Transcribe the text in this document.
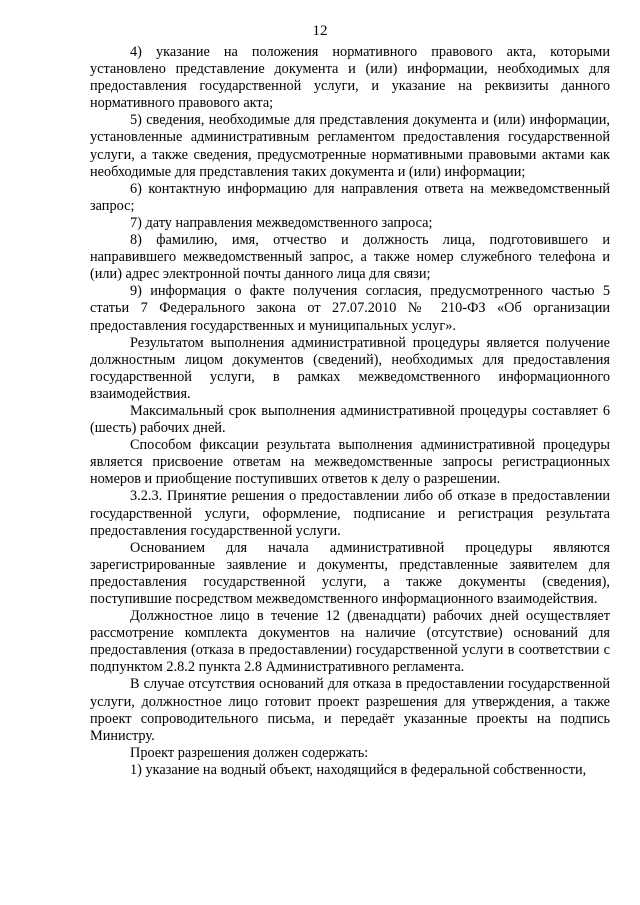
12

4) указание на положения нормативного правового акта, которыми установлено представление документа и (или) информации, необходимых для предоставления государственной услуги, и указание на реквизиты данного нормативного правового акта;

5) сведения, необходимые для представления документа и (или) информации, установленные административным регламентом предоставления государственной услуги, а также сведения, предусмотренные нормативными правовыми актами как необходимые для представления таких документа и (или) информации;

6) контактную информацию для направления ответа на межведомственный запрос;

7) дату направления межведомственного запроса;

8) фамилию, имя, отчество и должность лица, подготовившего и направившего межведомственный запрос, а также номер служебного телефона и (или) адрес электронной почты данного лица для связи;

9) информация о факте получения согласия, предусмотренного частью 5 статьи 7 Федерального закона от 27.07.2010 № 210-ФЗ «Об организации предоставления государственных и муниципальных услуг».

Результатом выполнения административной процедуры является получение должностным лицом документов (сведений), необходимых для предоставления государственной услуги, в рамках межведомственного информационного взаимодействия.

Максимальный срок выполнения административной процедуры составляет 6 (шесть) рабочих дней.

Способом фиксации результата выполнения административной процедуры является присвоение ответам на межведомственные запросы регистрационных номеров и приобщение поступивших ответов к делу о разрешении.

3.2.3. Принятие решения о предоставлении либо об отказе в предоставлении государственной услуги, оформление, подписание и регистрация результата предоставления государственной услуги.

Основанием для начала административной процедуры являются зарегистрированные заявление и документы, представленные заявителем для предоставления государственной услуги, а также документы (сведения), поступившие посредством межведомственного информационного взаимодействия.

Должностное лицо в течение 12 (двенадцати) рабочих дней осуществляет рассмотрение комплекта документов на наличие (отсутствие) оснований для предоставления (отказа в предоставлении) государственной услуги в соответствии с подпунктом 2.8.2 пункта 2.8 Административного регламента.

В случае отсутствия оснований для отказа в предоставлении государственной услуги, должностное лицо готовит проект разрешения для утверждения, а также проект сопроводительного письма, и передаёт указанные проекты на подпись Министру.

Проект разрешения должен содержать:

1) указание на водный объект, находящийся в федеральной собственности,
